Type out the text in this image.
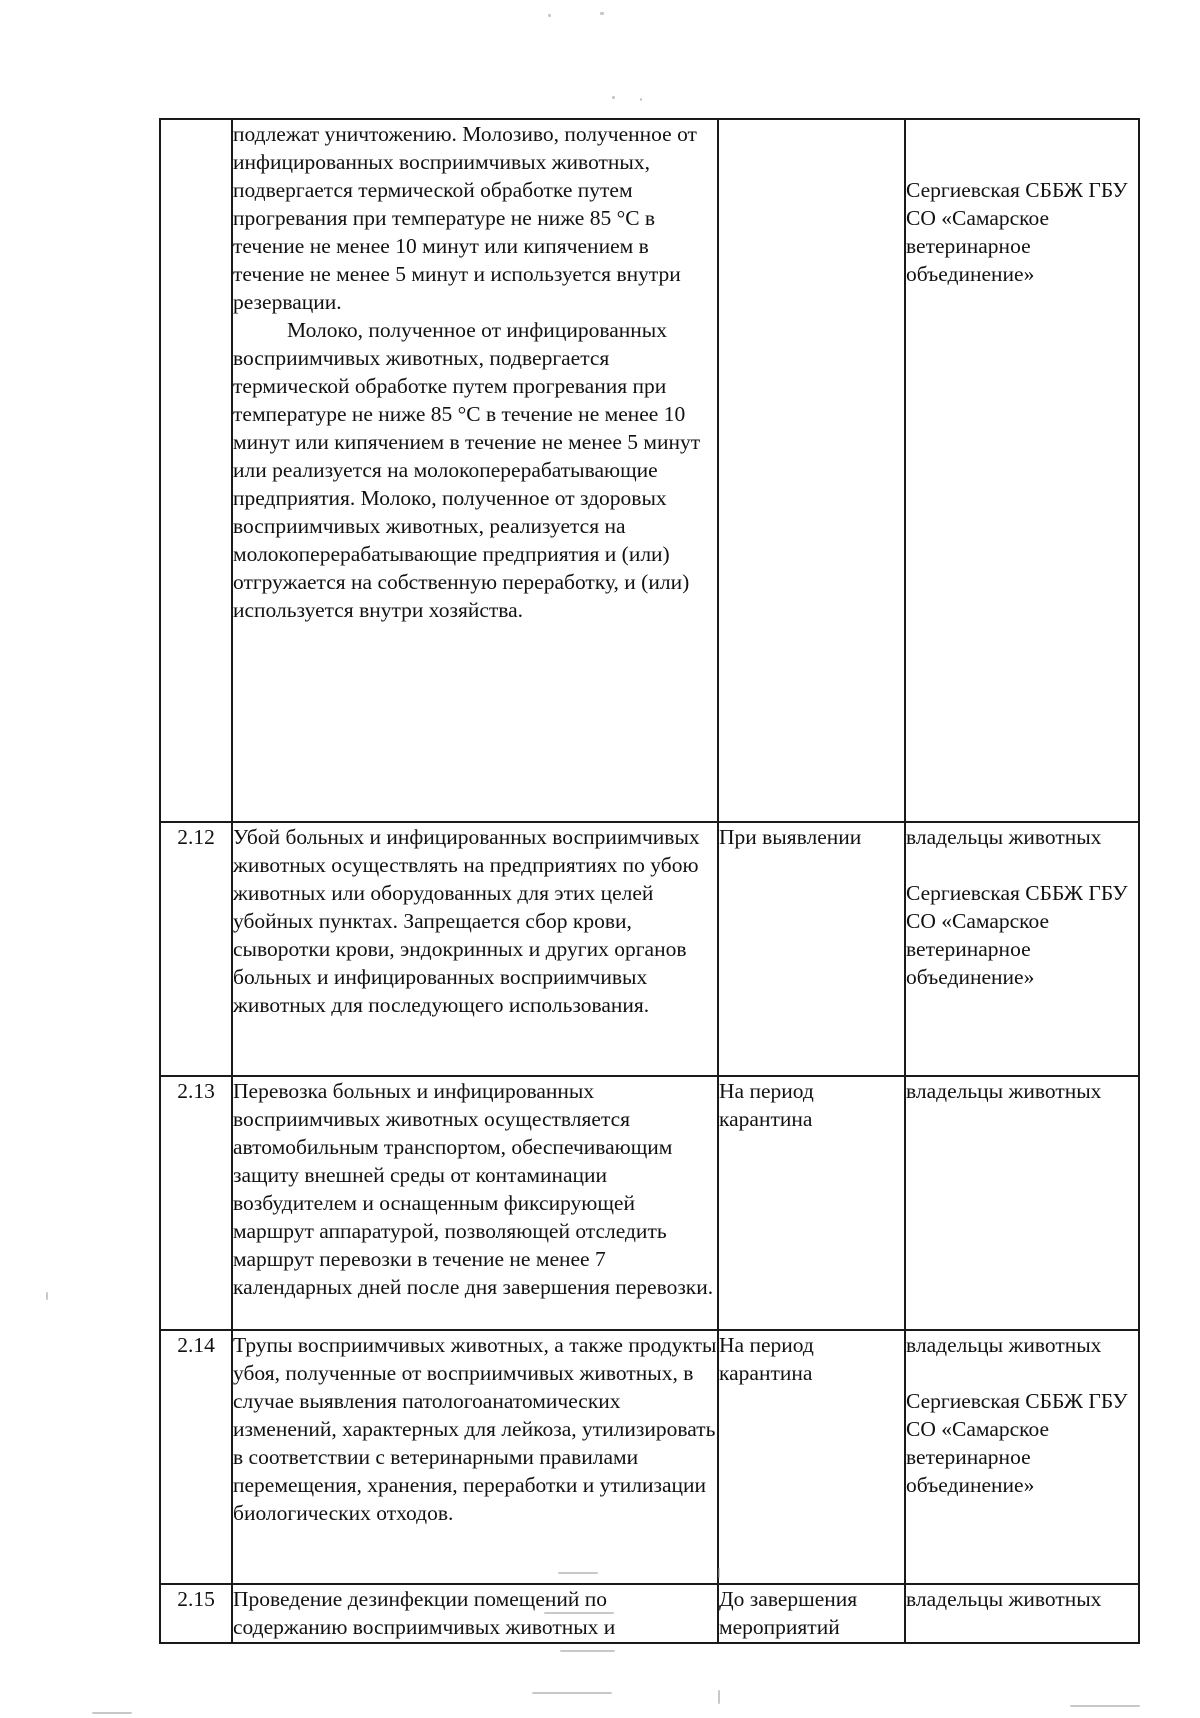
	подлежат уничтожению. Молозиво, полученное от инфицированных восприимчивых животных, подвергается термической обработке путем прогревания при температуре не ниже 85 °С в течение не менее 10 минут или кипячением в течение не менее 5 минут и используется внутри резервации.
Молоко, полученное от инфицированных восприимчивых животных, подвергается термической обработке путем прогревания при температуре не ниже 85 °С в течение не менее 10 минут или кипячением в течение не менее 5 минут или реализуется на молокоперерабатывающие предприятия. Молоко, полученное от здоровых восприимчивых животных, реализуется на молокоперерабатывающие предприятия и (или) отгружается на собственную переработку, и (или) используется внутри хозяйства.		Сергиевская СББЖ ГБУ СО «Самарское ветеринарное объединение»

2.12	Убой больных и инфицированных восприимчивых животных осуществлять на предприятиях по убою животных или оборудованных для этих целей убойных пунктах. Запрещается сбор крови, сыворотки крови, эндокринных и других органов больных и инфицированных восприимчивых животных для последующего использования.	При выявлении	владельцы животных
Сергиевская СББЖ ГБУ СО «Самарское ветеринарное объединение»

2.13	Перевозка больных и инфицированных восприимчивых животных осуществляется автомобильным транспортом, обеспечивающим защиту внешней среды от контаминации возбудителем и оснащенным фиксирующей маршрут аппаратурой, позволяющей отследить маршрут перевозки в течение не менее 7 календарных дней после дня завершения перевозки.	На период карантина	владельцы животных

2.14	Трупы восприимчивых животных, а также продукты убоя, полученные от восприимчивых животных, в случае выявления патологоанатомических изменений, характерных для лейкоза, утилизировать в соответствии с ветеринарными правилами перемещения, хранения, переработки и утилизации биологических отходов.	На период карантина	владельцы животных
Сергиевская СББЖ ГБУ СО «Самарское ветеринарное объединение»

2.15	Проведение дезинфекции помещений по содержанию восприимчивых животных и	До завершения мероприятий	владельцы животных
